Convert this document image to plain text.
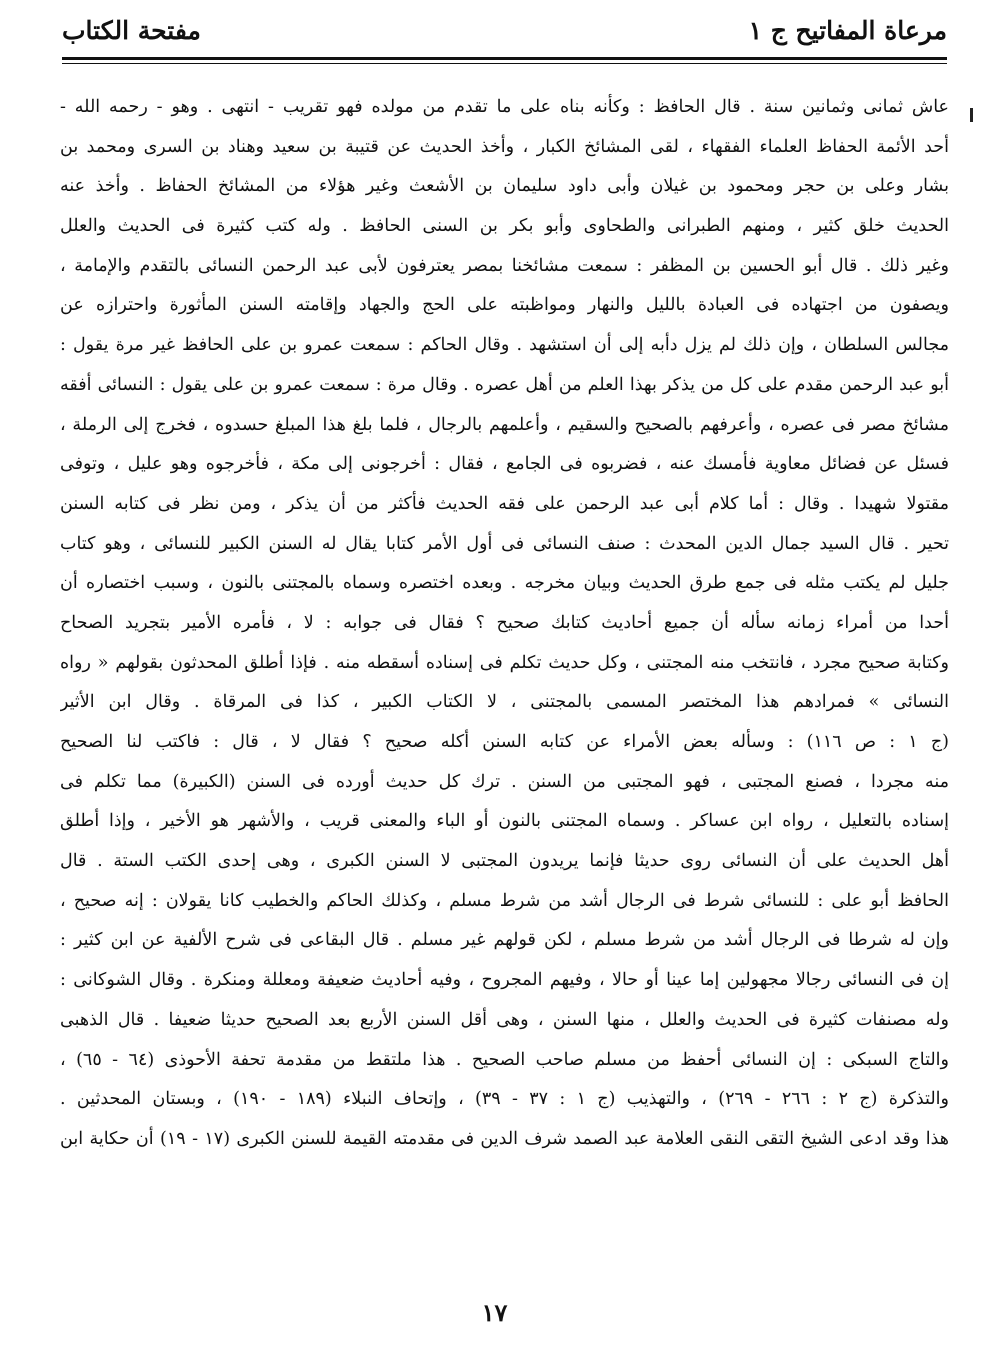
مرعاة المفاتيح ج ١
مفتحة الكتاب
عاش ثمانی وثمانين سنة . قال الحافظ : وكأنه بناه على ما تقدم من مولده فهو تقريب - انتهى . وهو - رحمه الله -
أحد الأئمة الحفاظ العلماء الفقهاء ، لقى المشائخ الكبار ، وأخذ الحديث عن قتيبة بن سعيد وهناد بن السرى ومحمد بن
بشار وعلى بن حجر ومحمود بن غيلان وأبى داود سليمان بن الأشعث وغير هؤلاء من المشائخ الحفاظ . وأخذ عنه
الحديث خلق كثير ، ومنهم الطبرانى والطحاوى وأبو بكر بن السنى الحافظ . وله كتب كثيرة فى الحديث والعلل
وغير ذلك . قال أبو الحسين بن المظفر : سمعت مشائخنا بمصر يعترفون لأبى عبد الرحمن النسائى بالتقدم والإمامة ،
ويصفون من اجتهاده فى العبادة بالليل والنهار ومواظبته على الحج والجهاد وإقامته السنن المأثورة واحترازه عن
مجالس السلطان ، وإن ذلك لم يزل دأبه إلى أن استشهد . وقال الحاكم : سمعت عمرو بن على الحافظ غير مرة يقول :
أبو عبد الرحمن مقدم على كل من يذكر بهذا العلم من أهل عصره . وقال مرة : سمعت عمرو بن على يقول : النسائى أفقه
مشائخ مصر فى عصره ، وأعرفهم بالصحيح والسقيم ، وأعلمهم بالرجال ، فلما بلغ هذا المبلغ حسدوه ، فخرج إلى الرملة ،
فسئل عن فضائل معاوية فأمسك عنه ، فضربوه فى الجامع ، فقال : أخرجونى إلى مكة ، فأخرجوه وهو عليل ، وتوفى
مقتولا شهيدا . وقال : أما كلام أبى عبد الرحمن على فقه الحديث فأكثر من أن يذكر ، ومن نظر فى كتابه السنن
تحير . قال السيد جمال الدين المحدث : صنف النسائى فى أول الأمر كتابا يقال له السنن الكبير للنسائى ، وهو كتاب
جليل لم يكتب مثله فى جمع طرق الحديث وبيان مخرجه . وبعده اختصره وسماه بالمجتنى بالنون ، وسبب اختصاره أن
أحدا من أمراء زمانه سأله أن جميع أحاديث كتابك صحيح ؟ فقال فى جوابه : لا ، فأمره الأمير بتجريد الصحاح
وكتابة صحيح مجرد ، فانتخب منه المجتنى ، وكل حديث تكلم فى إسناده أسقطه منه . فإذا أطلق المحدثون بقولهم « رواه
النسائى » فمرادهم هذا المختصر المسمى بالمجتنى ، لا الكتاب الكبير ، كذا فى المرقاة . وقال ابن الأثير
(ج ١ : ص ١١٦) : وسأله بعض الأمراء عن كتابه السنن أكله صحيح ؟ فقال لا ، قال : فاكتب لنا الصحيح
منه مجردا ، فصنع المجتبى ، فهو المجتبى من السنن . ترك كل حديث أورده فى السنن (الكبيرة) مما تكلم فى
إسناده بالتعليل ، رواه ابن عساكر . وسماه المجتنى بالنون أو الباء والمعنى قريب ، والأشهر هو الأخير ، وإذا أطلق
أهل الحديث على أن النسائى روى حديثا فإنما يريدون المجتبى لا السنن الكبرى ، وهى إحدى الكتب الستة . قال
الحافظ أبو على : للنسائى شرط فى الرجال أشد من شرط مسلم ، وكذلك الحاكم والخطيب كانا يقولان : إنه صحيح ،
وإن له شرطا فى الرجال أشد من شرط مسلم ، لكن قولهم غير مسلم . قال البقاعى فى شرح الألفية عن ابن كثير :
إن فى النسائى رجالا مجهولين إما عينا أو حالا ، وفيهم المجروح ، وفيه أحاديث ضعيفة ومعللة ومنكرة . وقال الشوكانى :
وله مصنفات كثيرة فى الحديث والعلل ، منها السنن ، وهى أقل السنن الأربع بعد الصحيح حديثا ضعيفا . قال الذهبى
والتاج السبكى : إن النسائى أحفظ من مسلم صاحب الصحيح . هذا ملتقط من مقدمة تحفة الأحوذى (٦٤ - ٦٥) ،
والتذكرة (ج ٢ : ٢٦٦ - ٢٦٩) ، والتهذيب (ج ١ : ٣٧ - ٣٩) ، وإتحاف النبلاء (١٨٩ - ١٩٠) ، وبستان المحدثين .
هذا وقد ادعى الشيخ التقى النقى العلامة عبد الصمد شرف الدين فى مقدمته القيمة للسنن الكبرى (١٧ - ١٩) أن حكاية ابن
١٧
